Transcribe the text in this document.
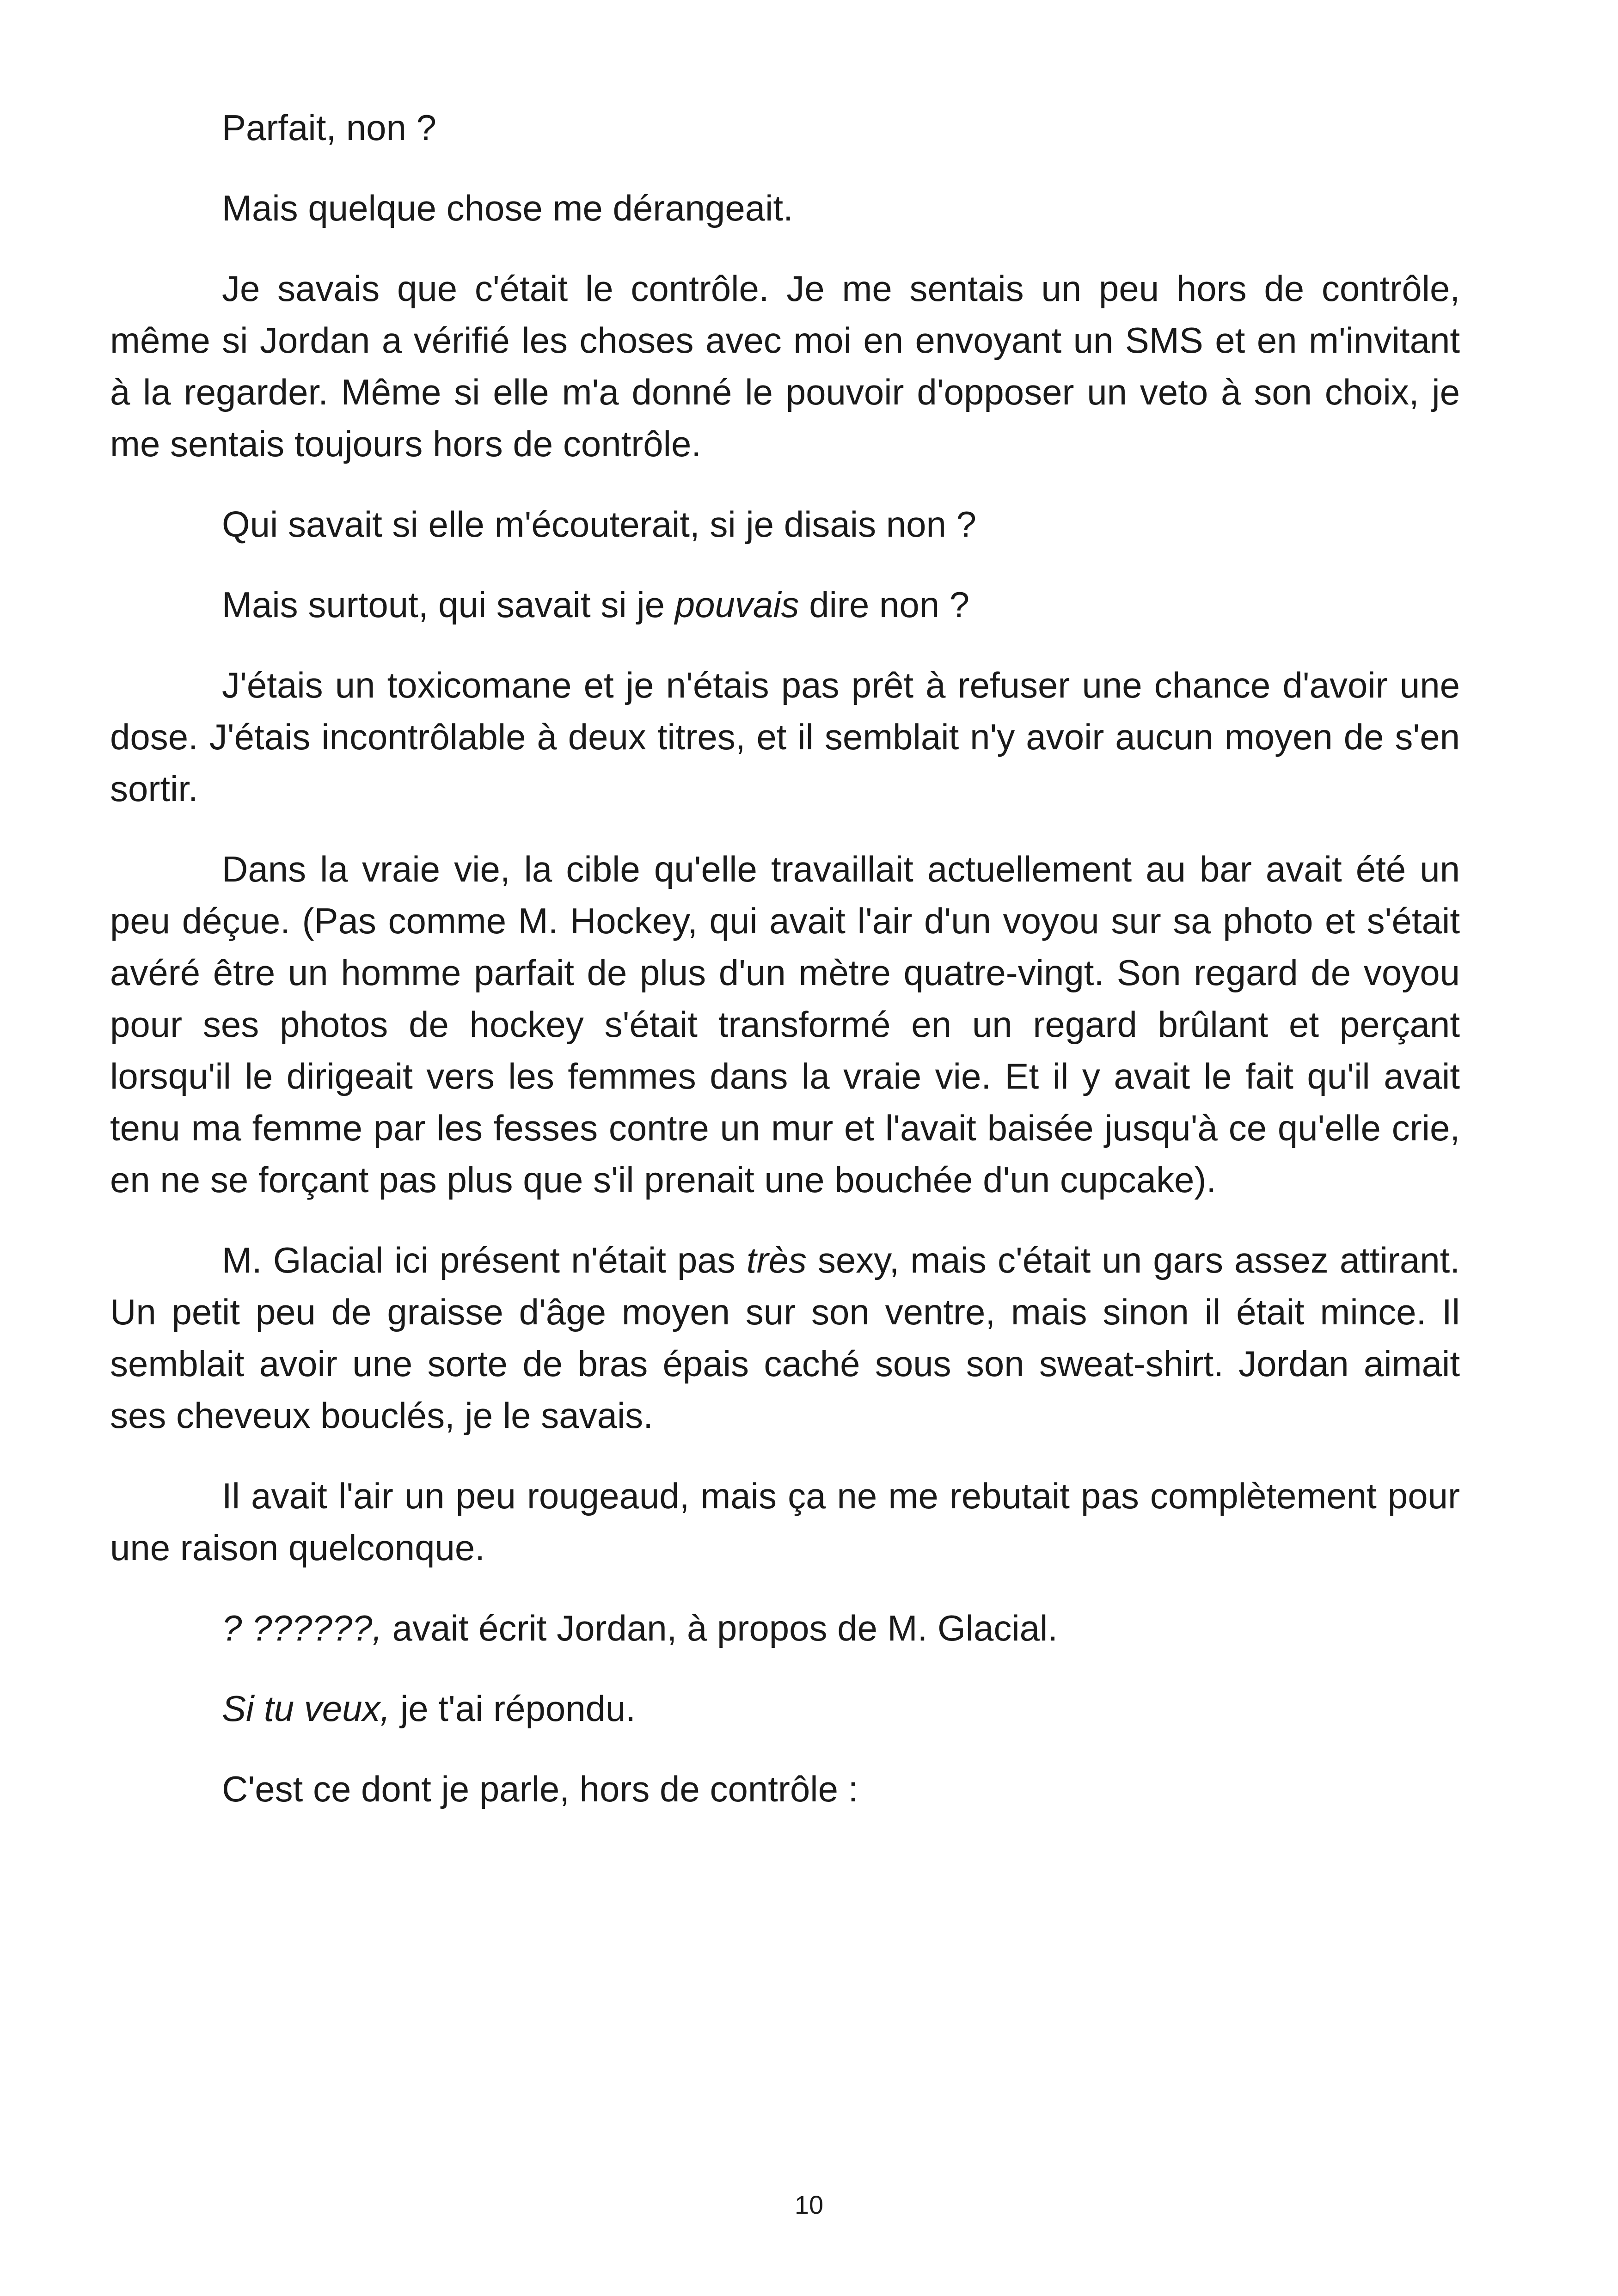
Parfait, non ?

Mais quelque chose me dérangeait.

Je savais que c'était le contrôle. Je me sentais un peu hors de contrôle, même si Jordan a vérifié les choses avec moi en envoyant un SMS et en m'invitant à la regarder. Même si elle m'a donné le pouvoir d'opposer un veto à son choix, je me sentais toujours hors de contrôle.

Qui savait si elle m'écouterait, si je disais non ?

Mais surtout, qui savait si je pouvais dire non ?

J'étais un toxicomane et je n'étais pas prêt à refuser une chance d'avoir une dose. J'étais incontrôlable à deux titres, et il semblait n'y avoir aucun moyen de s'en sortir.

Dans la vraie vie, la cible qu'elle travaillait actuellement au bar avait été un peu déçue. (Pas comme M. Hockey, qui avait l'air d'un voyou sur sa photo et s'était avéré être un homme parfait de plus d'un mètre quatre-vingt. Son regard de voyou pour ses photos de hockey s'était transformé en un regard brûlant et perçant lorsqu'il le dirigeait vers les femmes dans la vraie vie. Et il y avait le fait qu'il avait tenu ma femme par les fesses contre un mur et l'avait baisée jusqu'à ce qu'elle crie, en ne se forçant pas plus que s'il prenait une bouchée d'un cupcake).

M. Glacial ici présent n'était pas très sexy, mais c'était un gars assez attirant. Un petit peu de graisse d'âge moyen sur son ventre, mais sinon il était mince. Il semblait avoir une sorte de bras épais caché sous son sweat-shirt. Jordan aimait ses cheveux bouclés, je le savais.

Il avait l'air un peu rougeaud, mais ça ne me rebutait pas complètement pour une raison quelconque.

? ??????, avait écrit Jordan, à propos de M. Glacial.

Si tu veux, je t'ai répondu.

C'est ce dont je parle, hors de contrôle :

10
